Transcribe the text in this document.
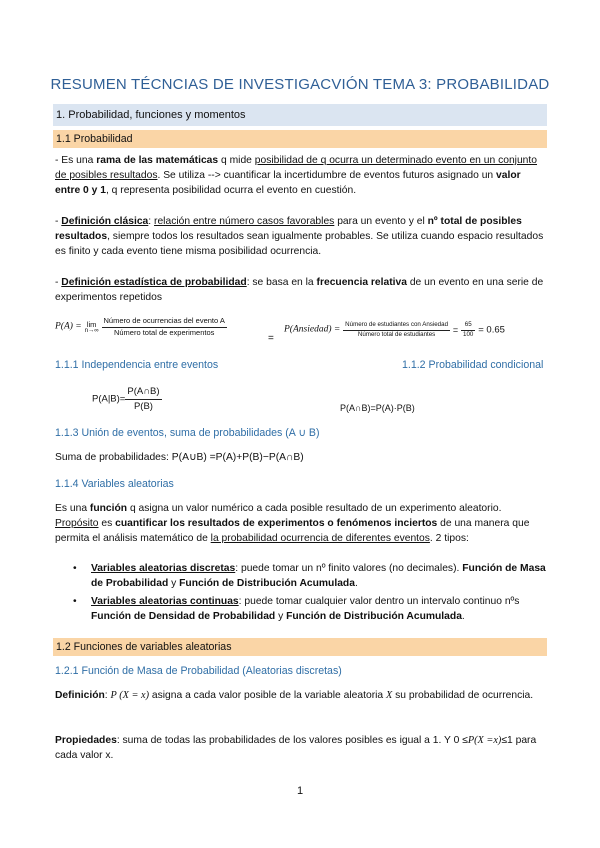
RESUMEN TÉCNCIAS DE INVESTIGACVIÓN TEMA 3: PROBABILIDAD
1. Probabilidad, funciones y momentos
1.1 Probabilidad
- Es una rama de las matemáticas q mide posibilidad de q ocurra un determinado evento en un conjunto de posibles resultados. Se utiliza --> cuantificar la incertidumbre de eventos futuros asignado un valor entre 0 y 1, q representa posibilidad ocurra el evento en cuestión.
- Definición clásica: relación entre número casos favorables para un evento y el nº total de posibles resultados, siempre todos los resultados sean igualmente probables. Se utiliza cuando espacio resultados es finito y cada evento tiene misma posibilidad ocurrencia.
- Definición estadística de probabilidad: se basa en la frecuencia relativa de un evento en una serie de experimentos repetidos
P(A) = lim
n→∞
$\frac{\text{Número de ocurrencias del evento A}}{\text{Número total de experimentos}}$	=
P(Ansiedad) = $\frac{\text{Número de estudiantes con Ansiedad}}{\text{Número total de estudiantes}} = \frac{65}{100} = 0.65$
1.1.1 Independencia entre eventos	1.1.2 Probabilidad condicional
$P(A|B)= \frac{P(A\cap B)}{P(B)}$	P(A∩B)=P(A)·P(B)
1.1.3 Unión de eventos, suma de probabilidades (A ∪ B)
Suma de probabilidades: P(A∪B) =P(A)+P(B)−P(A∩B)
1.1.4 Variables aleatorias
Es una función q asigna un valor numérico a cada posible resultado de un experimento aleatorio. Propósito es cuantificar los resultados de experimentos o fenómenos inciertos de una manera que permita el análisis matemático de la probabilidad ocurrencia de diferentes eventos. 2 tipos:
• Variables aleatorias discretas: puede tomar un nº finito valores (no decimales). Función de Masa de Probabilidad y Función de Distribución Acumulada.
• Variables aleatorias continuas: puede tomar cualquier valor dentro un intervalo continuo nºs Función de Densidad de Probabilidad y Función de Distribución Acumulada.
1.2 Funciones de variables aleatorias
1.2.1 Función de Masa de Probabilidad (Aleatorias discretas)
Definición: P (X = x) asigna a cada valor posible de la variable aleatoria X su probabilidad de ocurrencia.
Propiedades: suma de todas las probabilidades de los valores posibles es igual a 1. Y 0 ≤P(X =x)≤1 para cada valor x.
1
